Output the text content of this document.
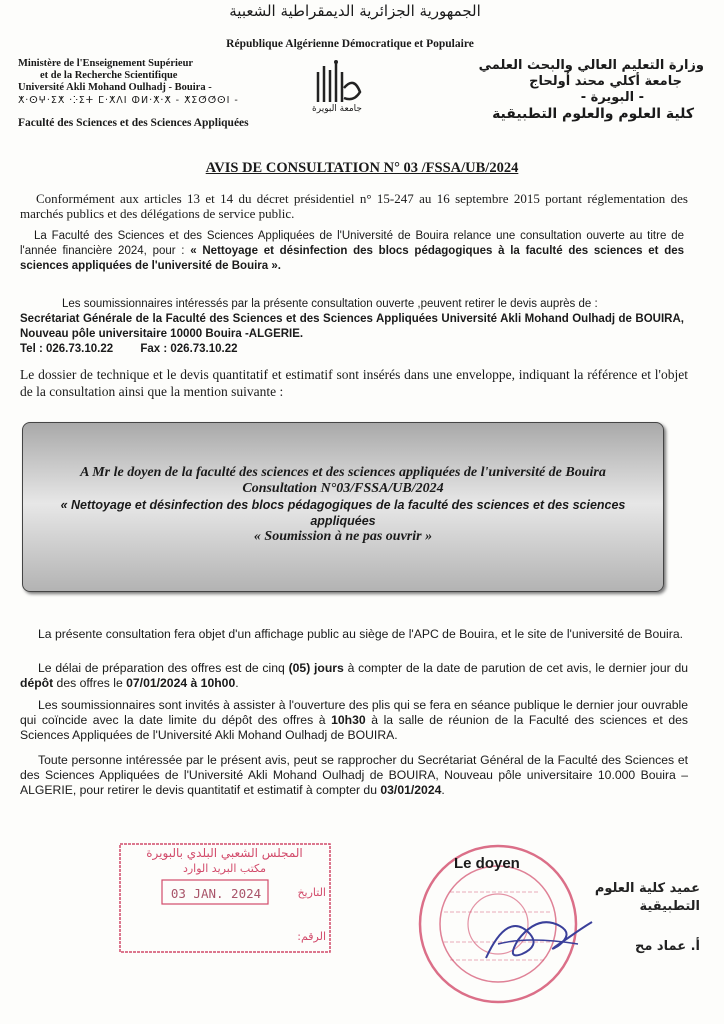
الجمهورية الجزائرية الديمقراطية الشعبية
République Algérienne Démocratique et Populaire
Ministère de l'Enseignement Supérieur
et de la Recherche Scientifique
Université Akli Mohand Oulhadj - Bouira -
ⵅ·ⵙⵖ·ⵉⵅ ·ⴾⵉⵜ ⵎ·ⵅⴷⵏ ⵀⵍ·ⵅ·ⵅ - ⵅⵉⵚⵚⵙⵏ -
Faculté des Sciences et des Sciences Appliquées
وزارة التعليم العالي والبحث العلمي
جامعة أكلي محند أولحاج
- البويرة -
كلية العلوم والعلوم التطبيقية
جامعة البويرة
AVIS DE CONSULTATION N° 03 /FSSA/UB/2024
Conformément aux articles 13 et 14 du décret présidentiel n° 15-247 au 16 septembre 2015 portant réglementation des marchés publics et des délégations de service public.
La Faculté des Sciences et des Sciences Appliquées de l'Université de Bouira relance une consultation ouverte au titre de l'année financière 2024, pour : « Nettoyage et désinfection des blocs pédagogiques à la faculté des sciences et des sciences appliquées de l'université de Bouira ».
Les soumissionnaires intéressés par la présente consultation ouverte ,peuvent retirer le devis auprès de :
Secrétariat Générale de la Faculté des Sciences et des Sciences Appliquées Université Akli Mohand Oulhadj de BOUIRA, Nouveau pôle universitaire 10000 Bouira -ALGERIE.
Tel : 026.73.10.22 Fax : 026.73.10.22
Le dossier de technique et le devis quantitatif et estimatif sont insérés dans une enveloppe, indiquant la référence et l'objet de la consultation ainsi que la mention suivante :
A Mr le doyen de la faculté des sciences et des sciences appliquées de l'université de Bouira
Consultation N°03/FSSA/UB/2024
« Nettoyage et désinfection des blocs pédagogiques de la faculté des sciences et des sciences appliquées
« Soumission à ne pas ouvrir »
La présente consultation fera objet d'un affichage public au siège de l'APC de Bouira, et le site de l'université de Bouira.
Le délai de préparation des offres est de cinq (05) jours à compter de la date de parution de cet avis, le dernier jour du dépôt des offres le 07/01/2024 à 10h00.
Les soumissionnaires sont invités à assister à l'ouverture des plis qui se fera en séance publique le dernier jour ouvrable qui coïncide avec la date limite du dépôt des offres à 10h30 à la salle de réunion de la Faculté des sciences et des Sciences Appliquées de l'Université Akli Mohand Oulhadj de BOUIRA.
Toute personne intéressée par le présent avis, peut se rapprocher du Secrétariat Général de la Faculté des Sciences et des Sciences Appliquées de l'Université Akli Mohand Oulhadj de BOUIRA, Nouveau pôle universitaire 10.000 Bouira –ALGERIE, pour retirer le devis quantitatif et estimatif à compter du 03/01/2024.
المجلس الشعبي البلدي بالبويرة
مكتب البريد الوارد
03 JAN. 2024	التاريخ
الرقم:
Le doyen
عميد كلية العلوم
التطبيقية
أ. عماد مح
